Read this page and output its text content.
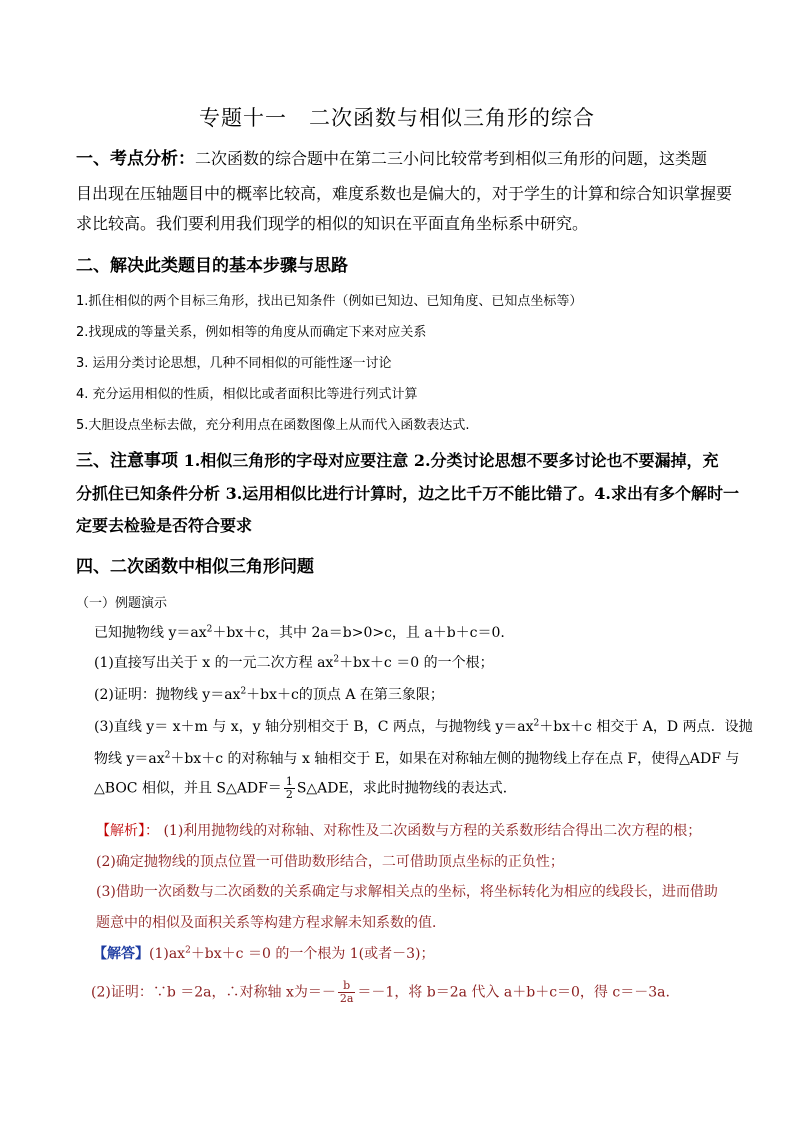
专题十一　二次函数与相似三角形的综合
一、考点分析：二次函数的综合题中在第二三小问比较常考到相似三角形的问题，这类题
目出现在压轴题目中的概率比较高，难度系数也是偏大的，对于学生的计算和综合知识掌握要
求比较高。我们要利用我们现学的相似的知识在平面直角坐标系中研究。
二、解决此类题目的基本步骤与思路
1.抓住相似的两个目标三角形，找出已知条件（例如已知边、已知角度、已知点坐标等）
2.找现成的等量关系，例如相等的角度从而确定下来对应关系
3. 运用分类讨论思想，几种不同相似的可能性逐一讨论
4. 充分运用相似的性质，相似比或者面积比等进行列式计算
5.大胆设点坐标去做，充分利用点在函数图像上从而代入函数表达式.
三、注意事项 1.相似三角形的字母对应要注意 2.分类讨论思想不要多讨论也不要漏掉，充
分抓住已知条件分析 3.运用相似比进行计算时，边之比千万不能比错了。4.求出有多个解时一
定要去检验是否符合要求
四、二次函数中相似三角形问题
（一）例题演示
已知抛物线 $y=ax^2+bx+c$，其中 2a＝b>0>c，且 a＋b＋c＝0.
(1)直接写出关于 x 的一元二次方程 $ax^2+bx+c =0$ 的一个根；
(2)证明：抛物线 $y=ax^2+bx+c$的顶点 A 在第三象限；
(3)直线 y＝ x＋m 与 x，y 轴分别相交于 B，C 两点，与抛物线 $y=ax^2+bx+c$ 相交于 A，D 两点．设抛
物线 $y=ax^2+bx+c$ 的对称轴与 x 轴相交于 E，如果在对称轴左侧的抛物线上存在点 F，使得△ADF 与
△BOC 相似，并且 S△ADF＝ $\frac{1}{2}$ S△ADE，求此时抛物线的表达式．
【解析】： (1)利用抛物线的对称轴、对称性及二次函数与方程的关系数形结合得出二次方程的根；
(2)确定抛物线的顶点位置一可借助数形结合，二可借助顶点坐标的正负性；
(3)借助一次函数与二次函数的关系确定与求解相关点的坐标，将坐标转化为相应的线段长，进而借助
题意中的相似及面积关系等构建方程求解未知系数的值．
【解答】$(1)ax^2+bx+c =0$ 的一个根为 1(或者－3)；
(2)证明：∵b ＝2a，∴对称轴 x为＝－ $\frac{b}{2a} =-1$，将 b＝2a 代入 a＋b＋c＝0，得 c＝－3a.
